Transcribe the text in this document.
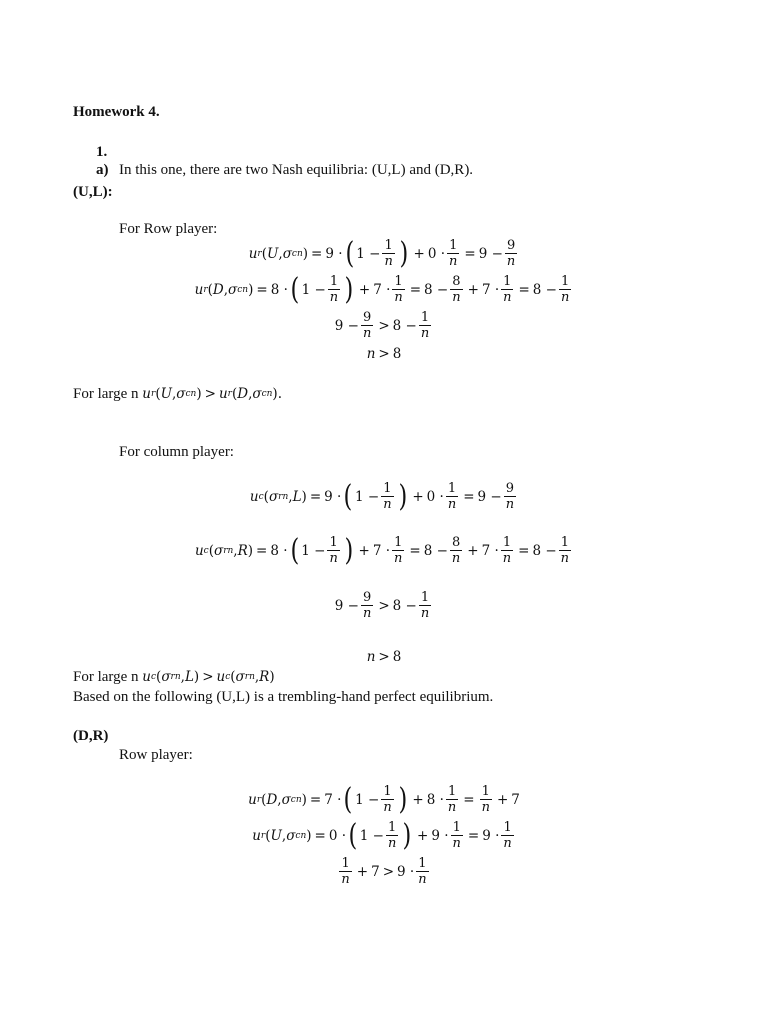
Homework 4.
1.
a) In this one, there are two Nash equilibria: (U,L) and (D,R).
(U,L):
For Row player:
u r ( U , σ c n ) = 9 · ( $1 - \frac{1}{n}$ ) + $0 \cdot \frac{1}{n} = 9 - \frac{9}{n}$
u r ( D , σ c n ) = 8 · ( $1 - \frac{1}{n}$ ) + $7 \cdot \frac{1}{n} = 8 - \frac{8}{n} + 7 \cdot \frac{1}{n} = 8 - \frac{1}{n}$
$9 - \frac{9}{n} > 8 - \frac{1}{n}$
n > 8
For large n u r ( U , σ c n ) > u r ( D , σ c n ).
For column player:
u c ( σ r n , L ) = 9 · ( $1 - \frac{1}{n}$ ) + $0 \cdot \frac{1}{n} = 9 - \frac{9}{n}$
u c ( σ r n , R ) = 8 · ( $1 - \frac{1}{n}$ ) + $7 \cdot \frac{1}{n} = 8 - \frac{8}{n} + 7 \cdot \frac{1}{n} = 8 - \frac{1}{n}$
$9 - \frac{9}{n} > 8 - \frac{1}{n}$
n > 8
For large n u c ( σ r n , L ) > u c ( σ r n , R )
Based on the following (U,L) is a trembling-hand perfect equilibrium.
(D,R)
Row player:
u r ( D , σ c n ) = 7 · ( $1 - \frac{1}{n}$ ) + $8 \cdot \frac{1}{n} = \frac{1}{n} + 7$
u r ( U , σ c n ) = 0 · ( $1 - \frac{1}{n}$ ) + $9 \cdot \frac{1}{n} = 9 \cdot \frac{1}{n}$
$\frac{1}{n} + 7 > 9 \cdot \frac{1}{n}$
